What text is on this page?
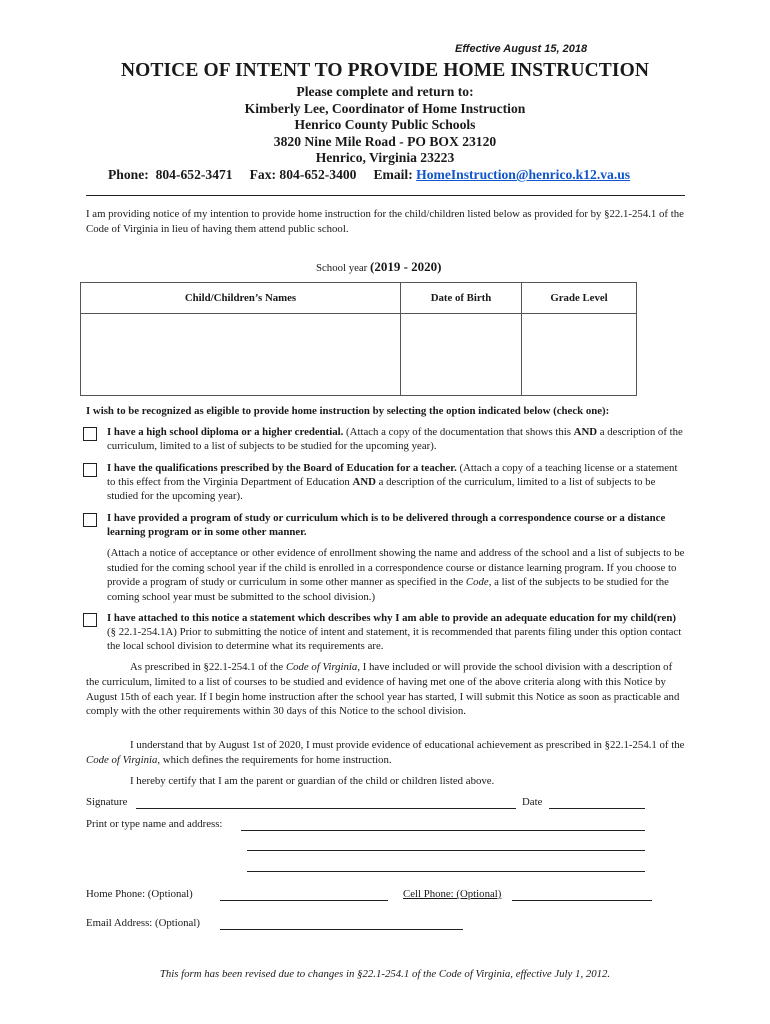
Effective August 15, 2018
NOTICE OF INTENT TO PROVIDE HOME INSTRUCTION
Please complete and return to:
Kimberly Lee, Coordinator of Home Instruction
Henrico County Public Schools
3820 Nine Mile Road - PO BOX 23120
Henrico, Virginia 23223
Phone:  804-652-3471 Fax: 804-652-3400 Email: HomeInstruction@henrico.k12.va.us
I am providing notice of my intention to provide home instruction for the child/children listed below as provided for by §22.1-254.1 of the Code of Virginia in lieu of having them attend public school.
School year (2019 - 2020)
Child/Children’s Names	Date of Birth	Grade Level

I wish to be recognized as eligible to provide home instruction by selecting the option indicated below (check one):
I have a high school diploma or a higher credential. (Attach a copy of the documentation that shows this AND a description of the curriculum, limited to a list of subjects to be studied for the upcoming year).
I have the qualifications prescribed by the Board of Education for a teacher. (Attach a copy of a teaching license or a statement to this effect from the Virginia Department of Education AND a description of the curriculum, limited to a list of subjects to be studied for the upcoming year).
I have provided a program of study or curriculum which is to be delivered through a correspondence course or a distance learning program or in some other manner.
(Attach a notice of acceptance or other evidence of enrollment showing the name and address of the school and a list of subjects to be studied for the coming school year if the child is enrolled in a correspondence course or distance learning program. If you choose to provide a program of study or curriculum in some other manner as specified in the Code, a list of the subjects to be studied for the coming school year must be submitted to the school division.)
I have attached to this notice a statement which describes why I am able to provide an adequate education for my child(ren) (§ 22.1-254.1A) Prior to submitting the notice of intent and statement, it is recommended that parents filing under this option contact the local school division to determine what its requirements are.
As prescribed in §22.1-254.1 of the Code of Virginia, I have included or will provide the school division with a description of the curriculum, limited to a list of courses to be studied and evidence of having met one of the above criteria along with this Notice by August 15th of each year. If I begin home instruction after the school year has started, I will submit this Notice as soon as practicable and comply with the other requirements within 30 days of this Notice to the school division.
I understand that by August 1st of 2020, I must provide evidence of educational achievement as prescribed in §22.1-254.1 of the Code of Virginia, which defines the requirements for home instruction.
I hereby certify that I am the parent or guardian of the child or children listed above.
Signature	Date
Print or type name and address:
Home Phone: (Optional)	Cell Phone: (Optional)
Email Address: (Optional)
This form has been revised due to changes in §22.1-254.1 of the Code of Virginia, effective July 1, 2012.
